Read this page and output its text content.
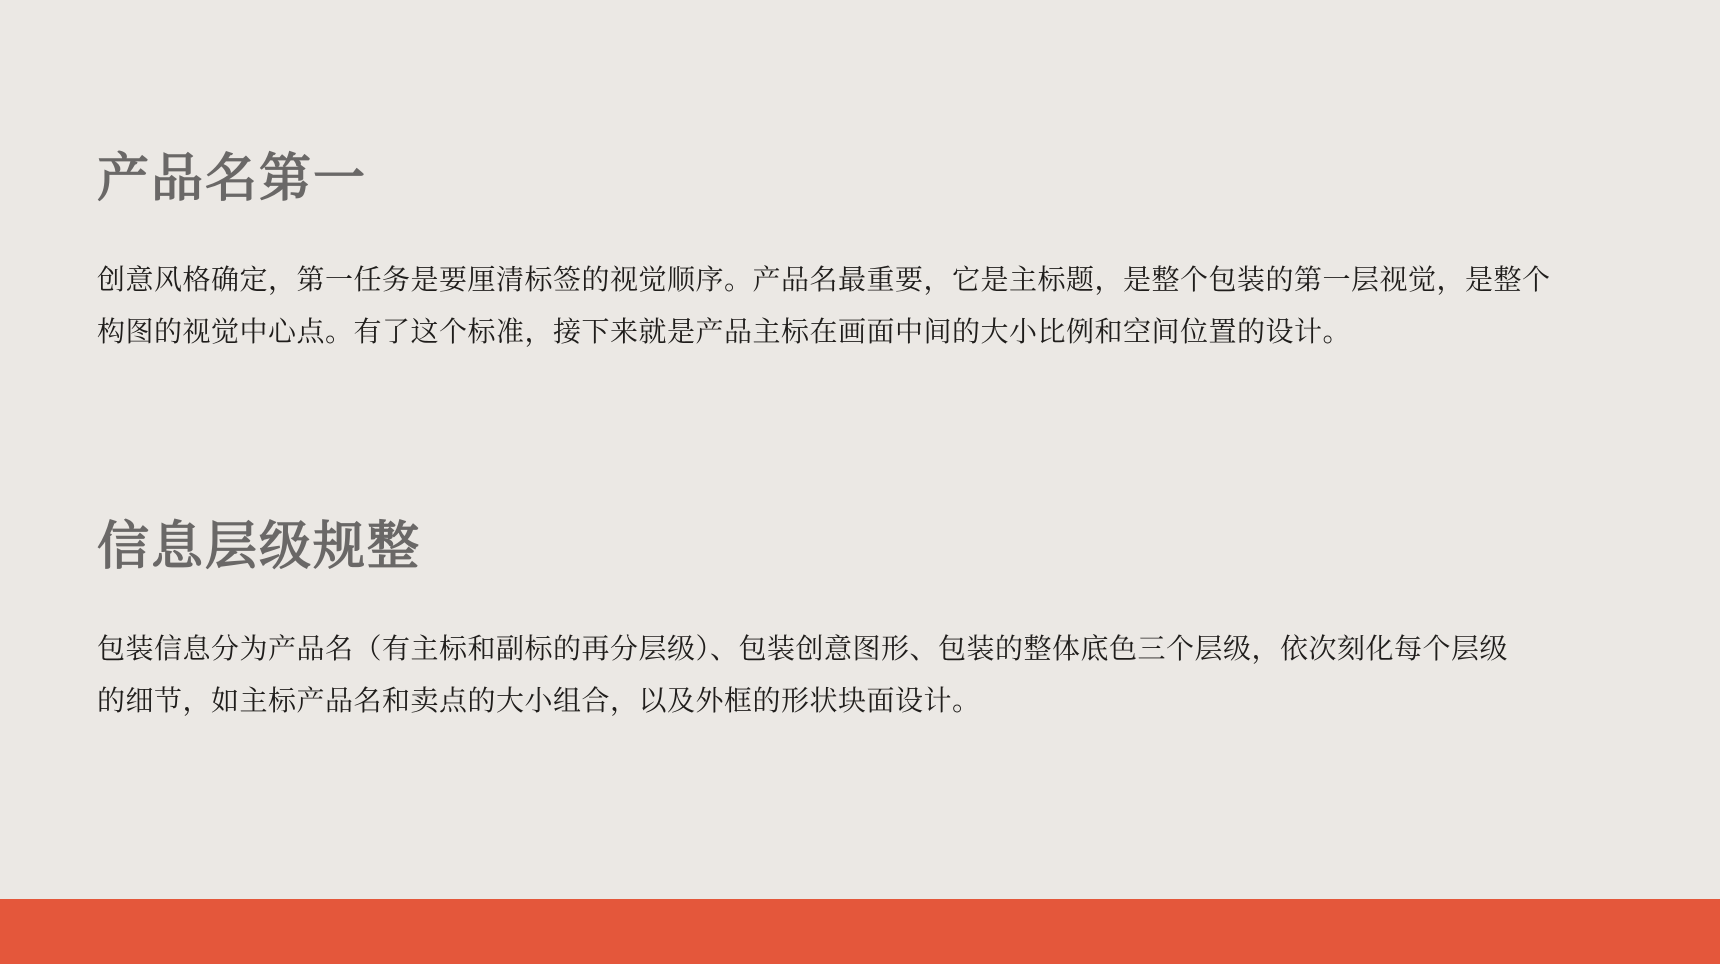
产品名第一

创意风格确定，第一任务是要厘清标签的视觉顺序。产品名最重要，它是主标题，是整个包装的第一层视觉，是整个
构图的视觉中心点。有了这个标准，接下来就是产品主标在画面中间的大小比例和空间位置的设计。

信息层级规整

包装信息分为产品名（有主标和副标的再分层级）、包装创意图形、包装的整体底色三个层级，依次刻化每个层级
的细节，如主标产品名和卖点的大小组合，以及外框的形状块面设计。
